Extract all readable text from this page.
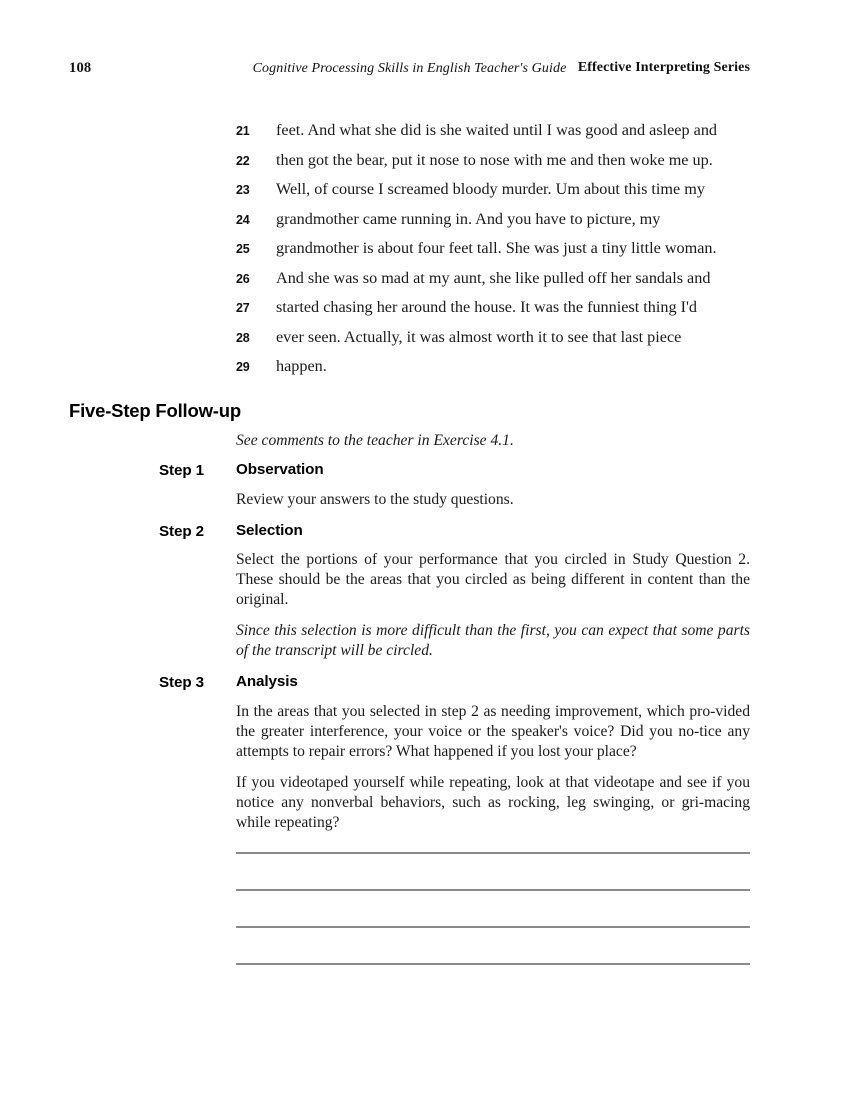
108	Cognitive Processing Skills in English Teacher's Guide Effective Interpreting Series
21	feet. And what she did is she waited until I was good and asleep and
22	then got the bear, put it nose to nose with me and then woke me up.
23	Well, of course I screamed bloody murder. Um about this time my
24	grandmother came running in. And you have to picture, my
25	grandmother is about four feet tall. She was just a tiny little woman.
26	And she was so mad at my aunt, she like pulled off her sandals and
27	started chasing her around the house. It was the funniest thing I'd
28	ever seen. Actually, it was almost worth it to see that last piece
29	happen.
Five-Step Follow-up
See comments to the teacher in Exercise 4.1.
Step 1	Observation

Review your answers to the study questions.

Step 2	Selection

Select the portions of your performance that you circled in Study Question 2. These should be the areas that you circled as being different in content than the original.

Since this selection is more difficult than the first, you can expect that some parts of the transcript will be circled.

Step 3	Analysis

In the areas that you selected in step 2 as needing improvement, which pro-vided the greater interference, your voice or the speaker's voice? Did you no-tice any attempts to repair errors? What happened if you lost your place?

If you videotaped yourself while repeating, look at that videotape and see if you notice any nonverbal behaviors, such as rocking, leg swinging, or gri-macing while repeating?
